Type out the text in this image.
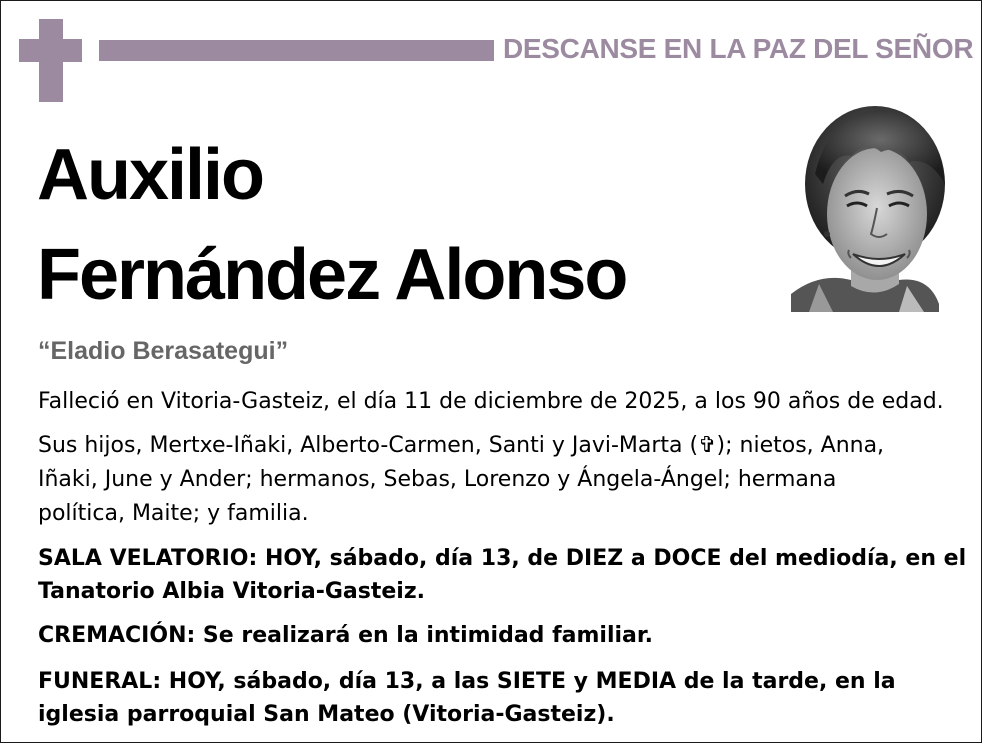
DESCANSE EN LA PAZ DEL SEÑOR
Auxilio
Fernández Alonso
“Eladio Berasategui”
Falleció en Vitoria-Gasteiz, el día 11 de diciembre de 2025, a los 90 años de edad.
Sus hijos, Mertxe-Iñaki, Alberto-Carmen, Santi y Javi-Marta (✞); nietos, Anna,
Iñaki, June y Ander; hermanos, Sebas, Lorenzo y Ángela-Ángel; hermana
política, Maite; y familia.
SALA VELATORIO: HOY, sábado, día 13, de DIEZ a DOCE del mediodía, en el
Tanatorio Albia Vitoria-Gasteiz.
CREMACIÓN: Se realizará en la intimidad familiar.
FUNERAL: HOY, sábado, día 13, a las SIETE y MEDIA de la tarde, en la
iglesia parroquial San Mateo (Vitoria-Gasteiz).
